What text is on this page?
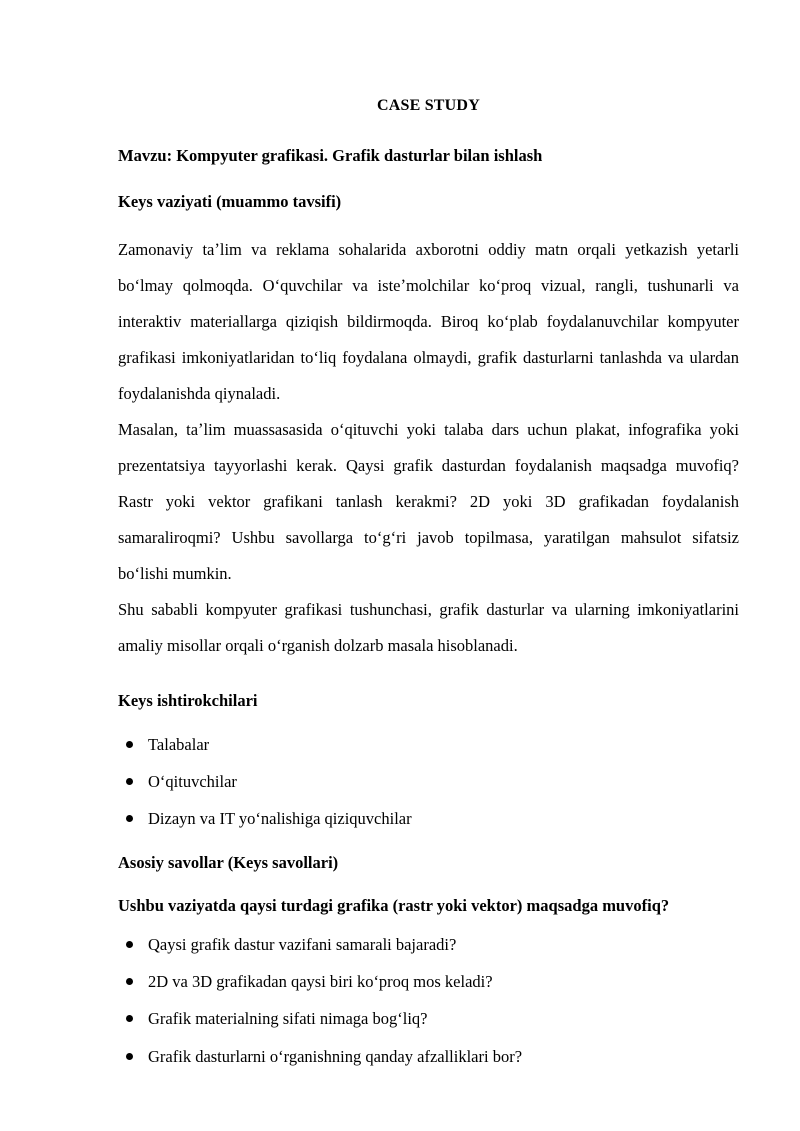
CASE STUDY
Mavzu: Kompyuter grafikasi. Grafik dasturlar bilan ishlash
Keys vaziyati (muammo tavsifi)

Zamonaviy taʼlim va reklama sohalarida axborotni oddiy matn orqali yetkazish yetarli boʻlmay qolmoqda. Oʻquvchilar va isteʼmolchilar koʻproq vizual, rangli, tushunarli va interaktiv materiallarga qiziqish bildirmoqda. Biroq koʻplab foydalanuvchilar kompyuter grafikasi imkoniyatlaridan toʻliq foydalana olmaydi, grafik dasturlarni tanlashda va ulardan foydalanishda qiynaladi.

Masalan, taʼlim muassasasida oʻqituvchi yoki talaba dars uchun plakat, infografika yoki prezentatsiya tayyorlashi kerak. Qaysi grafik dasturdan foydalanish maqsadga muvofiq? Rastr yoki vektor grafikani tanlash kerakmi? 2D yoki 3D grafikadan foydalanish samaraliroqmi? Ushbu savollarga toʻgʻri javob topilmasa, yaratilgan mahsulot sifatsiz boʻlishi mumkin.

Shu sababli kompyuter grafikasi tushunchasi, grafik dasturlar va ularning imkoniyatlarini amaliy misollar orqali oʻrganish dolzarb masala hisoblanadi.

Keys ishtirokchilari
Talabalar
Oʻqituvchilar
Dizayn va IT yoʻnalishiga qiziquvchilar
Asosiy savollar (Keys savollari)
Ushbu vaziyatda qaysi turdagi grafika (rastr yoki vektor) maqsadga muvofiq?
Qaysi grafik dastur vazifani samarali bajaradi?
2D va 3D grafikadan qaysi biri koʻproq mos keladi?
Grafik materialning sifati nimaga bogʻliq?
Grafik dasturlarni oʻrganishning qanday afzalliklari bor?
